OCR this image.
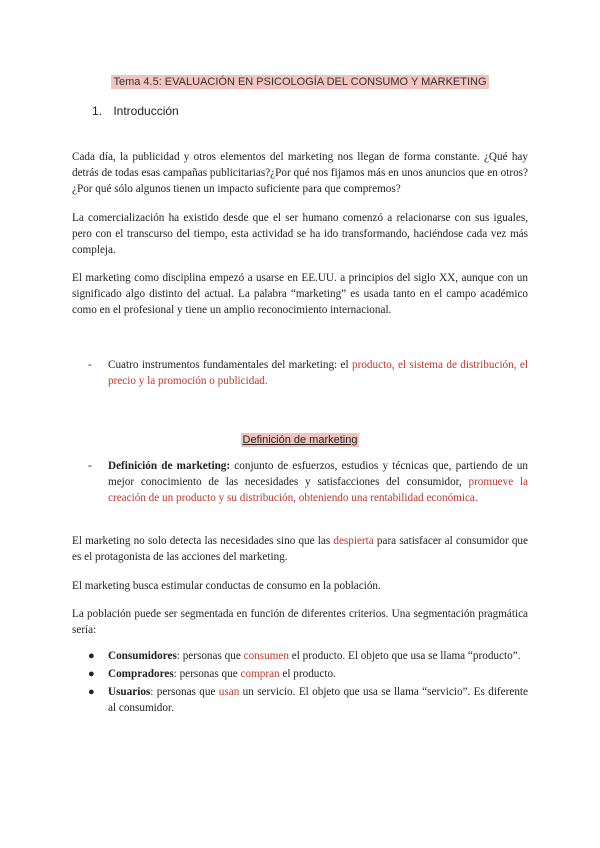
Tema 4.5: EVALUACIÓN EN PSICOLOGÍA DEL CONSUMO Y MARKETING
1. Introducción

Cada día, la publicidad y otros elementos del marketing nos llegan de forma constante. ¿Qué hay detrás de todas esas campañas publicitarias?¿Por qué nos fijamos más en unos anuncios que en otros?¿Por qué sólo algunos tienen un impacto suficiente para que compremos?

La comercialización ha existido desde que el ser humano comenzó a relacionarse con sus iguales, pero con el transcurso del tiempo, esta actividad se ha ido transformando, haciéndose cada vez más compleja.

El marketing como disciplina empezó a usarse en EE.UU. a principios del siglo XX, aunque con un significado algo distinto del actual. La palabra “marketing” es usada tanto en el campo académico como en el profesional y tiene un amplio reconocimiento internacional.

- Cuatro instrumentos fundamentales del marketing: el producto, el sistema de distribución, el precio y la promoción o publicidad.
Definición de marketing
- Definición de marketing: conjunto de esfuerzos, estudios y técnicas que, partiendo de un mejor conocimiento de las necesidades y satisfacciones del consumidor, promueve la creación de un producto y su distribución, obteniendo una rentabilidad económica.

El marketing no solo detecta las necesidades sino que las despierta para satisfacer al consumidor que es el protagonista de las acciones del marketing.

El marketing busca estimular conductas de consumo en la población.

La población puede ser segmentada en función de diferentes criterios. Una segmentación pragmática sería:

● Consumidores: personas que consumen el producto. El objeto que usa se llama “producto”.
● Compradores: personas que compran el producto.
● Usuarios: personas que usan un servicio. El objeto que usa se llama “servicio”. Es diferente al consumidor.
